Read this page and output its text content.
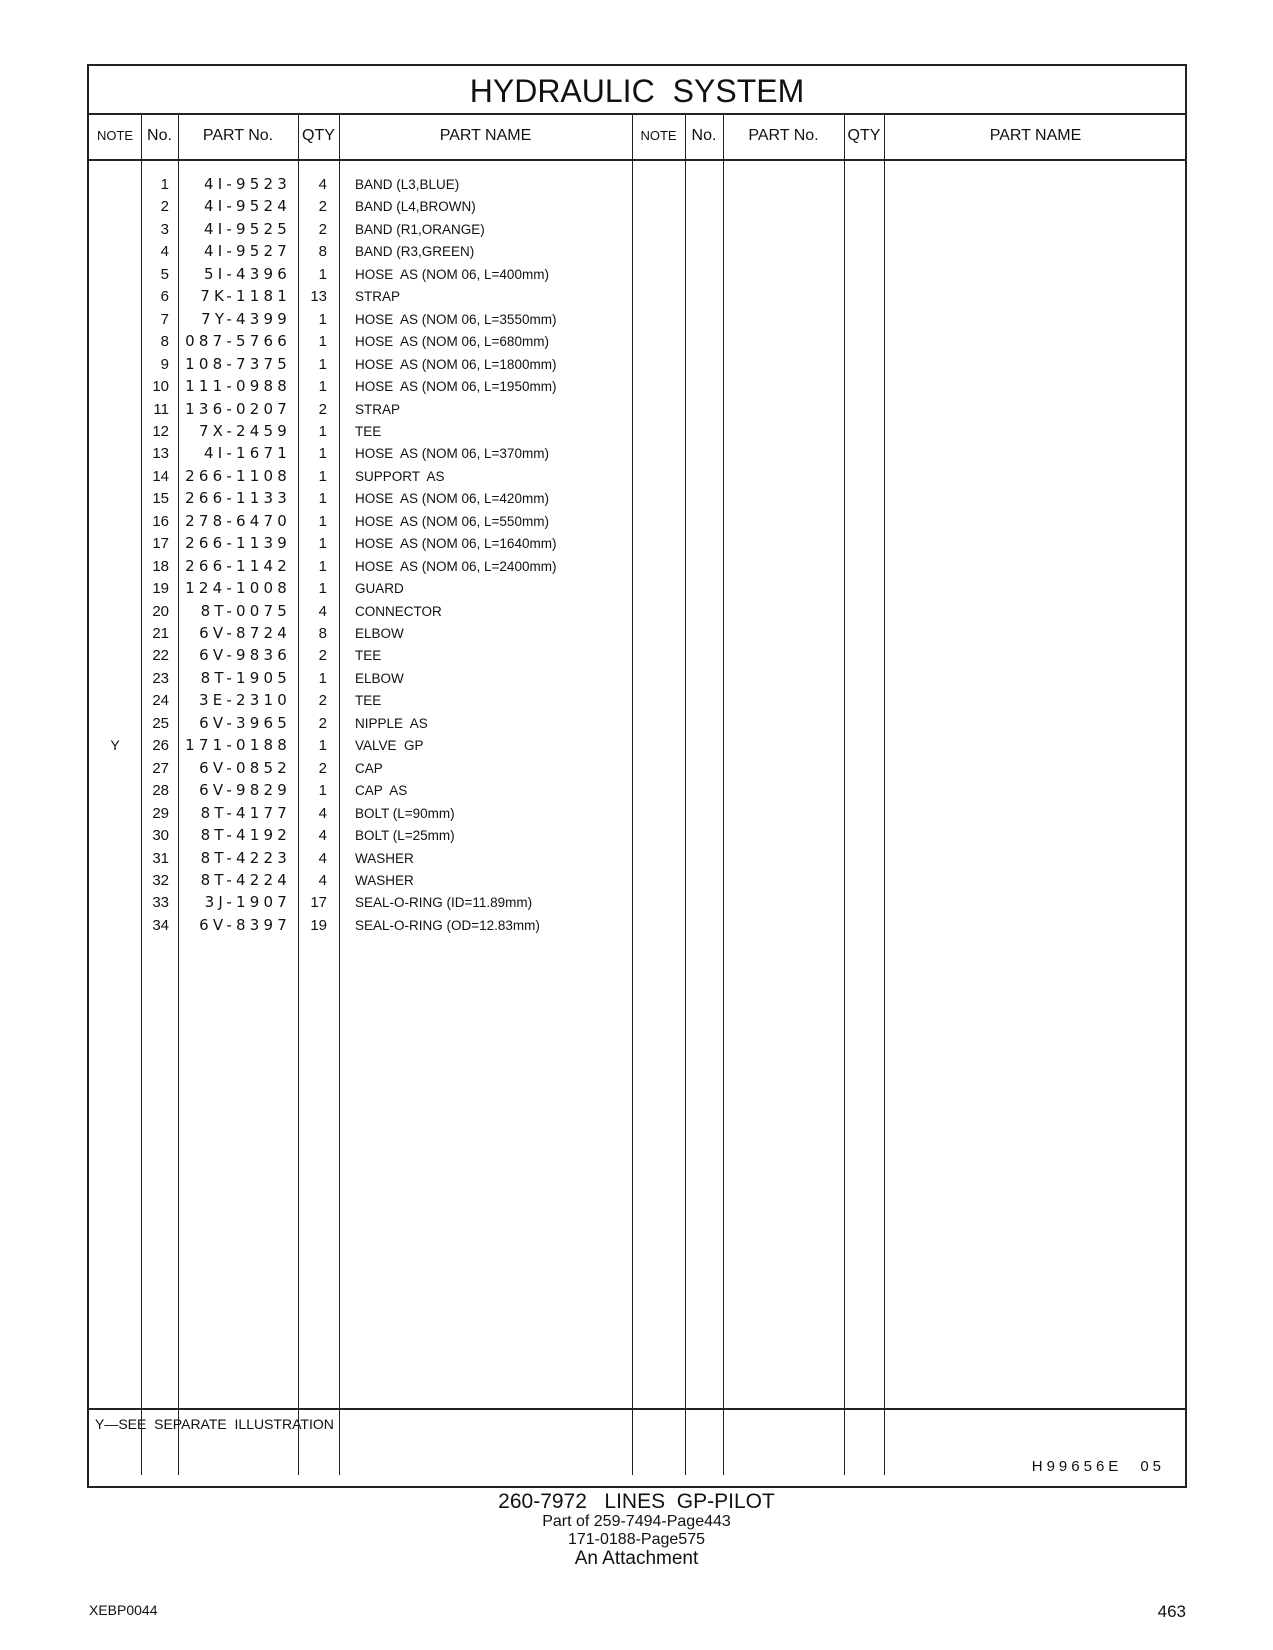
HYDRAULIC SYSTEM
NOTE No.	PART No.	QTY	PART NAME	NOTE No.	PART No.	QTY	PART NAME
1	4I-9523	4 BAND (L3,BLUE)
2	4I-9524	2 BAND (L4,BROWN)
3	4I-9525	2 BAND (R1,ORANGE)
4	4I-9527	8 BAND (R3,GREEN)
5	5I-4396	1 HOSE  AS (NOM 06, L=400mm)
6	7K-1181	13 STRAP
7	7Y-4399	1 HOSE  AS (NOM 06, L=3550mm)
8	087-5766	1 HOSE  AS (NOM 06, L=680mm)
9	108-7375	1 HOSE  AS (NOM 06, L=1800mm)
10	111-0988	1 HOSE  AS (NOM 06, L=1950mm)
11	136-0207	2 STRAP
12	7X-2459	1 TEE
13	4I-1671	1 HOSE  AS (NOM 06, L=370mm)
14	266-1108	1 SUPPORT  AS
15	266-1133	1 HOSE  AS (NOM 06, L=420mm)
16	278-6470	1 HOSE  AS (NOM 06, L=550mm)
17	266-1139	1 HOSE  AS (NOM 06, L=1640mm)
18	266-1142	1 HOSE  AS (NOM 06, L=2400mm)
19	124-1008	1 GUARD
20	8T-0075	4 CONNECTOR
21	6V-8724	8 ELBOW
22	6V-9836	2 TEE
23	8T-1905	1 ELBOW
24	3E-2310	2 TEE
25	6V-3965	2 NIPPLE  AS
Y	26	171-0188	1 VALVE  GP
27	6V-0852	2 CAP
28	6V-9829	1 CAP  AS
29	8T-4177	4 BOLT (L=90mm)
30	8T-4192	4 BOLT (L=25mm)
31	8T-4223	4 WASHER
32	8T-4224	4 WASHER
33	3J-1907	17 SEAL-O-RING (ID=11.89mm)
34	6V-8397	19 SEAL-O-RING (OD=12.83mm)
Y—SEE  SEPARATE  ILLUSTRATION
H99656E 05
260-7972   LINES  GP-PILOT
Part of 259-7494-Page443
171-0188-Page575
An Attachment
XEBP0044	463
